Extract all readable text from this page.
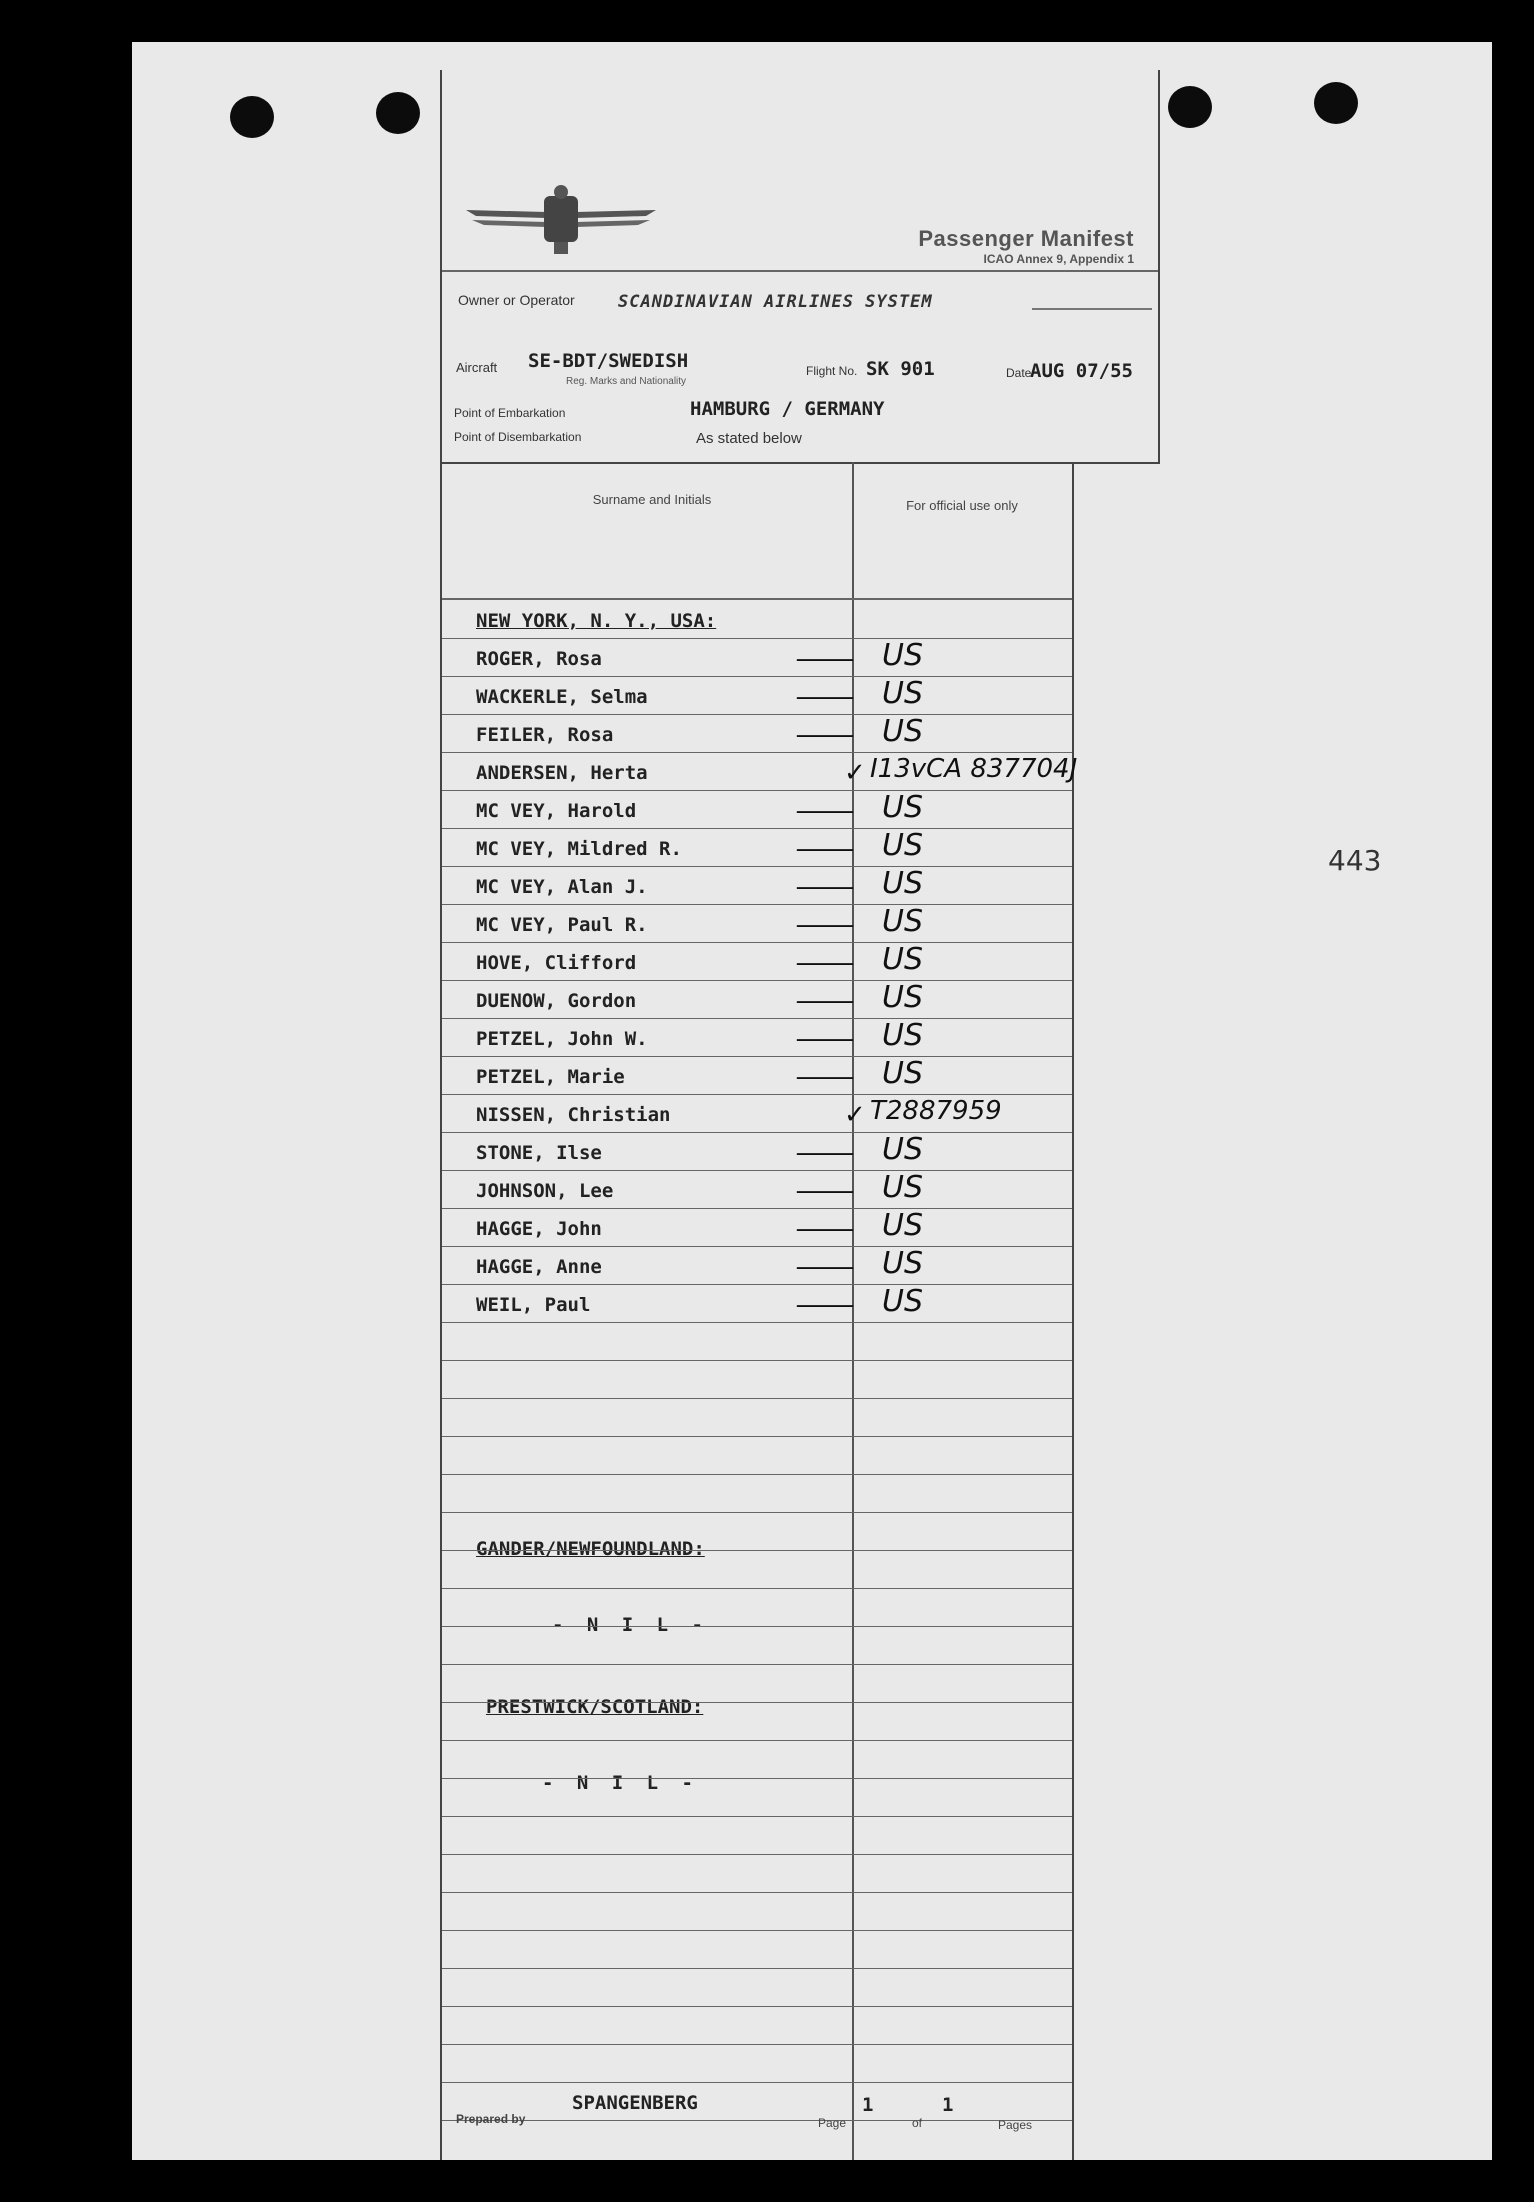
443
Passenger Manifest
ICAO Annex 9, Appendix 1
Owner or Operator	SCANDINAVIAN AIRLINES SYSTEM
Aircraft SE-BDT/SWEDISH
Reg. Marks and Nationality
Flight No. SK 901	Date
AUG 07/55
Point of Embarkation	HAMBURG / GERMANY
Point of Disembarkation	As stated below
Surname and Initials	For official use only
NEW YORK, N. Y., USA:
ROGER, Rosa	— US
WACKERLE, Selma	— US
FEILER, Rosa	— US
ANDERSEN, Herta	✓ I13vCA 837704J
MC VEY, Harold	— US
MC VEY, Mildred R.	— US
MC VEY, Alan J.	— US
MC VEY, Paul R.	— US
HOVE, Clifford	— US
DUENOW, Gordon	— US
PETZEL, John W.	— US
PETZEL, Marie	— US
NISSEN, Christian	✓ T2887959
STONE, Ilse	— US
JOHNSON, Lee	— US
HAGGE, John	— US
HAGGE, Anne	— US
WEIL, Paul	— US
GANDER/NEWFOUNDLAND:
- N I L -
PRESTWICK/SCOTLAND:
- N I L -
Prepared by
SPANGENBERG
Page
1
of
1
Pages
